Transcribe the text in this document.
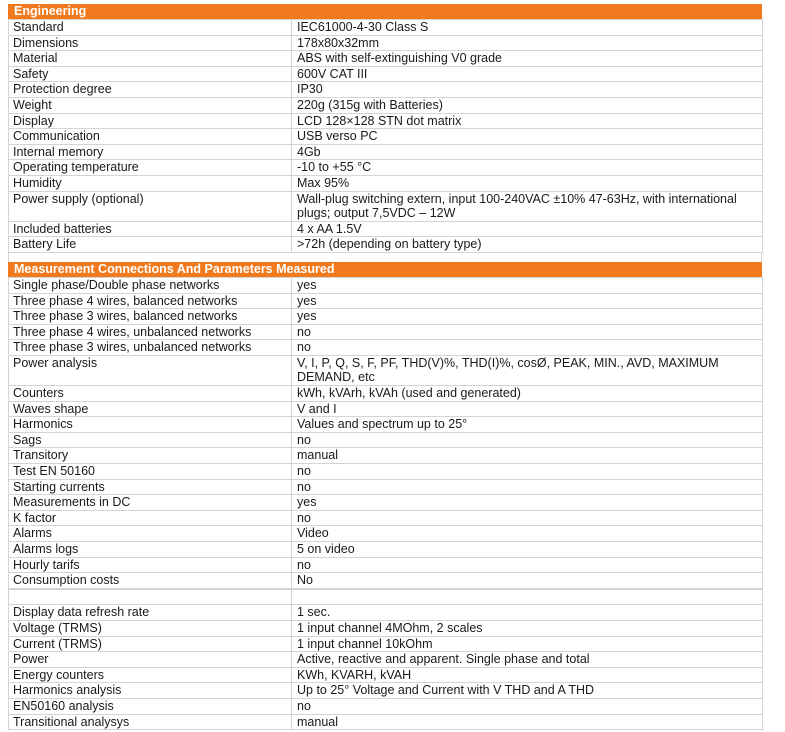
Engineering
Standard	IEC61000-4-30 Class S
Dimensions	178x80x32mm
Material	ABS with self-extinguishing V0 grade
Safety	600V CAT III
Protection degree	IP30
Weight	220g (315g with Batteries)
Display	LCD 128×128 STN dot matrix
Communication	USB verso PC
Internal memory	4Gb
Operating temperature	-10 to +55 °C
Humidity	Max 95%
Power supply (optional)	Wall-plug switching extern, input 100-240VAC ±10% 47-63Hz, with international plugs; output 7,5VDC – 12W
Included batteries	4 x AA 1.5V
Battery Life	>72h (depending on battery type)
Measurement Connections And Parameters Measured
Single phase/Double phase networks	yes
Three phase 4 wires, balanced networks	yes
Three phase 3 wires, balanced networks	yes
Three phase 4 wires, unbalanced networks	no
Three phase 3 wires, unbalanced networks	no
Power analysis	V, I, P, Q, S, F, PF, THD(V)%, THD(I)%, cosØ, PEAK, MIN., AVD, MAXIMUM DEMAND, etc
Counters	kWh, kVArh, kVAh (used and generated)
Waves shape	V and I
Harmonics	Values and spectrum up to 25°
Sags	no
Transitory	manual
Test EN 50160	no
Starting currents	no
Measurements in DC	yes
K factor	no
Alarms	Video
Alarms logs	5 on video
Hourly tarifs	no
Consumption costs	No

Display data refresh rate	1 sec.
Voltage (TRMS)	1 input channel 4MOhm, 2 scales
Current (TRMS)	1 input channel 10kOhm
Power	Active, reactive and apparent. Single phase and total
Energy counters	KWh, KVARH, kVAH
Harmonics analysis	Up to 25° Voltage and Current with V THD and A THD
EN50160 analysis	no
Transitional analysys	manual
